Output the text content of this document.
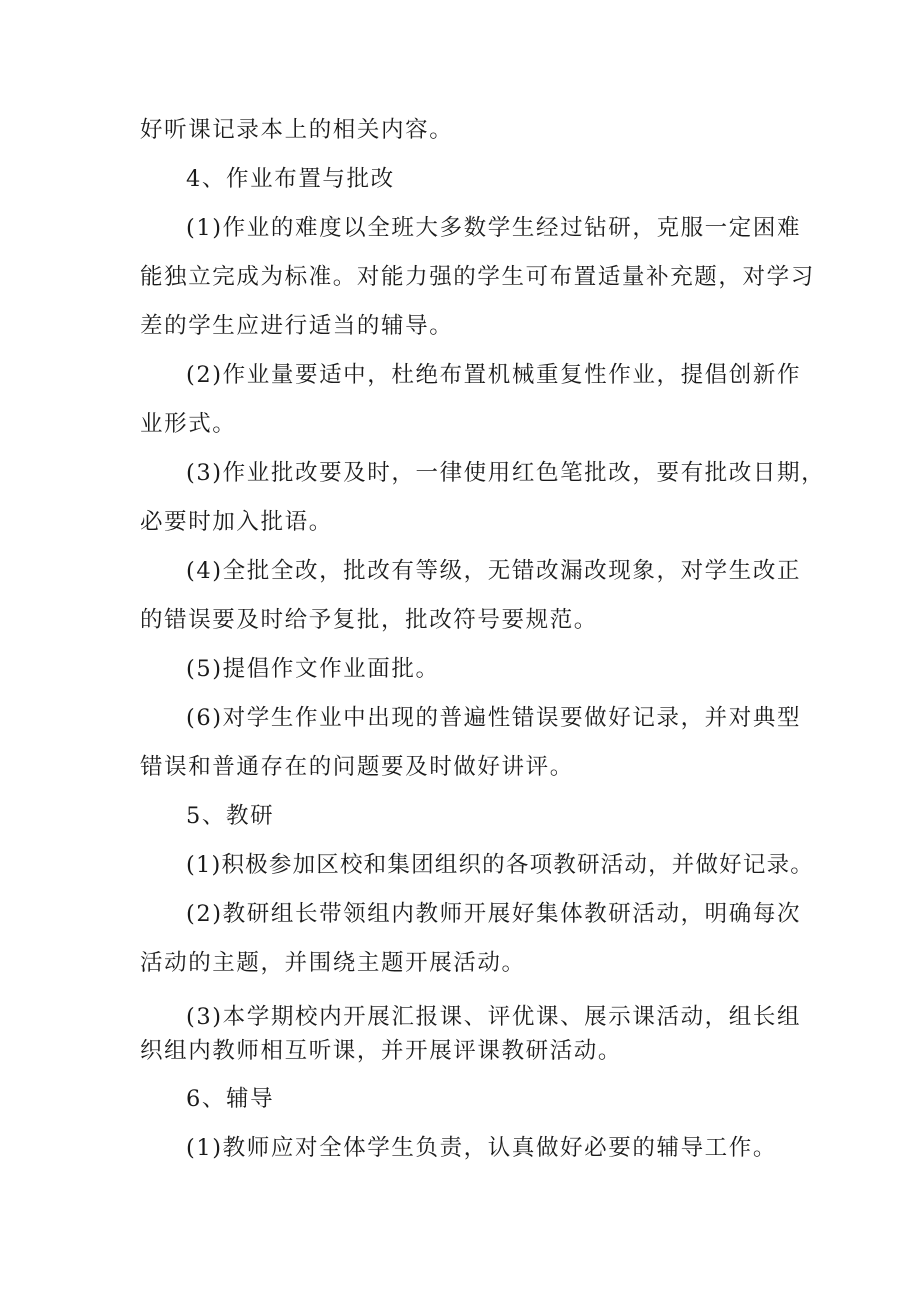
好听课记录本上的相关内容。
4、作业布置与批改
(1)作业的难度以全班大多数学生经过钻研，克服一定困难
能独立完成为标准。对能力强的学生可布置适量补充题，对学习
差的学生应进行适当的辅导。
(2)作业量要适中，杜绝布置机械重复性作业，提倡创新作
业形式。
(3)作业批改要及时，一律使用红色笔批改，要有批改日期，
必要时加入批语。
(4)全批全改，批改有等级，无错改漏改现象，对学生改正
的错误要及时给予复批，批改符号要规范。
(5)提倡作文作业面批。
(6)对学生作业中出现的普遍性错误要做好记录，并对典型
错误和普通存在的问题要及时做好讲评。
5、教研
(1)积极参加区校和集团组织的各项教研活动，并做好记录。
(2)教研组长带领组内教师开展好集体教研活动，明确每次
活动的主题，并围绕主题开展活动。
(3)本学期校内开展汇报课、评优课、展示课活动，组长组
织组内教师相互听课，并开展评课教研活动。
6、辅导
(1)教师应对全体学生负责，认真做好必要的辅导工作。
